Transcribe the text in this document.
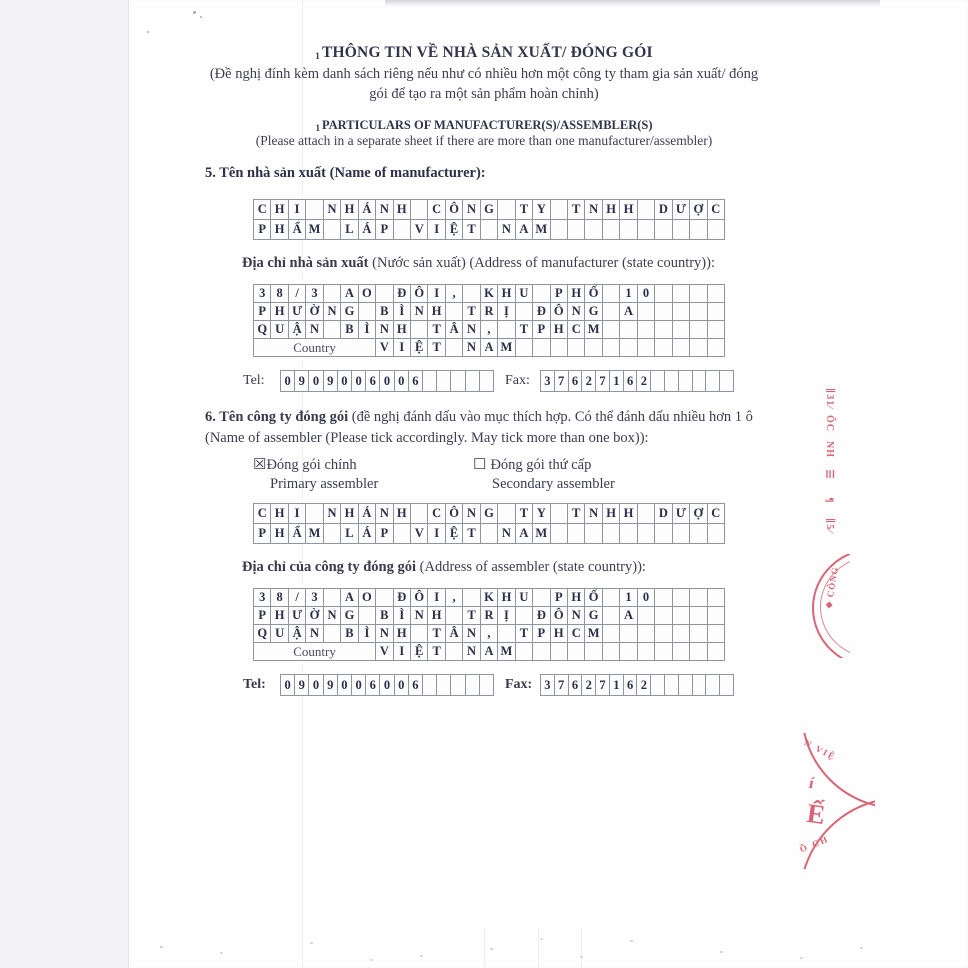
1 THÔNG TIN VỀ NHÀ SẢN XUẤT/ ĐÓNG GÓI
(Đề nghị đính kèm danh sách riêng nếu như có nhiều hơn một công ty tham gia sản xuất/ đóng
gói để tạo ra một sản phẩm hoàn chỉnh)
1 PARTICULARS OF MANUFACTURER(S)/ASSEMBLER(S)
(Please attach in a separate sheet if there are more than one manufacturer/assembler)
5. Tên nhà sản xuất (Name of manufacturer):
C H I	N H Á N H C Ô N G	T Y	T N H H D Ư Ợ C
P H Ẩ M	L Á P	V I Ệ T	N A M
Địa chỉ nhà sản xuất (Nước sản xuất) (Address of manufacturer (state country)):
3 8	/	3	A O Đ Ô I	,	K H U	P H Ố	1 0
P H Ư Ờ N G	B Ì N H	T R Ị	Đ Ô N G A
Q U Ậ N	B Ì N H	T Â N ,	T P H C M
Country	V I Ệ T	N A M
Tel: 0 9 0 9 0 0 6 0 0 6	Fax: 3 7 6 2 7 1 6 2
6. Tên công ty đóng gói (đề nghị đánh dấu vào mục thích hợp. Có thể đánh dấu nhiều hơn 1 ô
(Name of assembler (Please tick accordingly. May tick more than one box)):
☒Đóng gói chính
Primary assembler
☐ Đóng gói thứ cấp
Secondary assembler
C H I	N H Á N H C Ô N G	T Y	T N H H D Ư Ợ C
P H Ẩ M	L Á P	V I Ệ T	N A M
Địa chỉ của công ty đóng gói (Address of assembler (state country)):
3 8	/	3	A O Đ Ô I	,	K H U	P H Ố	1 0
P H Ư Ờ N G	B Ì N H	T R Ị	Đ Ô N G A
Q U Ậ N	B Ì N H	T Â N ,	T P H C M
Country	V I Ệ T	N A M
Tel: 0 9 0 9 0 0 6 0 0 6	Fax: 3 7 6 2 7 1 6 2
∥31∕
ỔC
NH
☰
¶
∥5∕
◆ CÔNG
N VIỆ
í
Ế
Ồ CH
